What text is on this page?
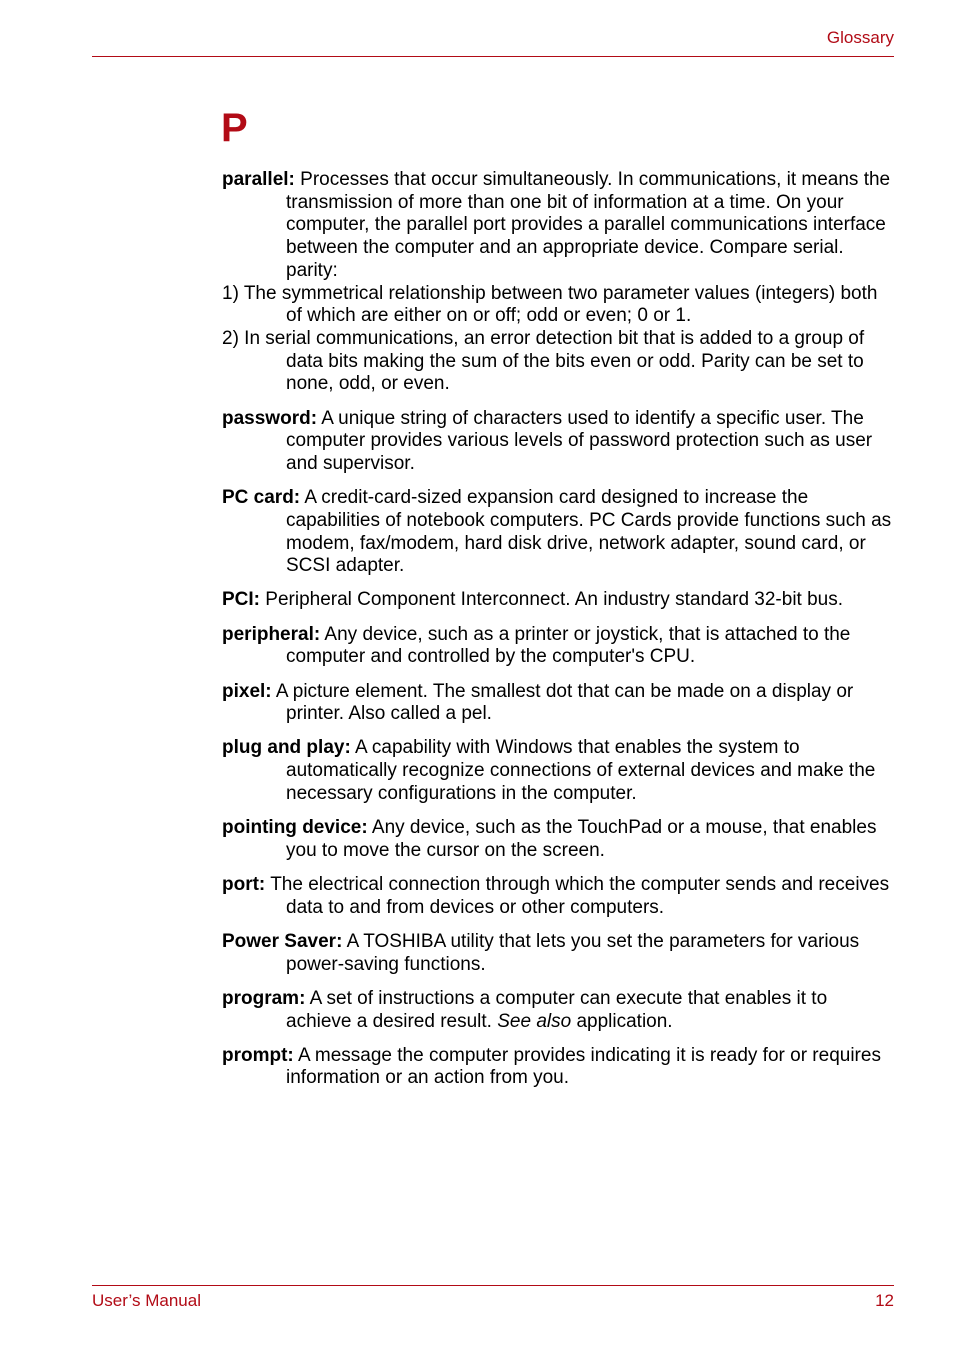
Glossary
P

parallel: Processes that occur simultaneously. In communications, it means the transmission of more than one bit of information at a time. On your computer, the parallel port provides a parallel communications interface between the computer and an appropriate device. Compare serial. parity:
1) The symmetrical relationship between two parameter values (integers) both of which are either on or off; odd or even; 0 or 1.
2) In serial communications, an error detection bit that is added to a group of data bits making the sum of the bits even or odd. Parity can be set to none, odd, or even.

password: A unique string of characters used to identify a specific user. The computer provides various levels of password protection such as user and supervisor.

PC card: A credit-card-sized expansion card designed to increase the capabilities of notebook computers. PC Cards provide functions such as modem, fax/modem, hard disk drive, network adapter, sound card, or SCSI adapter.

PCI: Peripheral Component Interconnect. An industry standard 32-bit bus.

peripheral: Any device, such as a printer or joystick, that is attached to the computer and controlled by the computer's CPU.

pixel: A picture element. The smallest dot that can be made on a display or printer. Also called a pel.

plug and play: A capability with Windows that enables the system to automatically recognize connections of external devices and make the necessary configurations in the computer.

pointing device: Any device, such as the TouchPad or a mouse, that enables you to move the cursor on the screen.

port: The electrical connection through which the computer sends and receives data to and from devices or other computers.

Power Saver: A TOSHIBA utility that lets you set the parameters for various power-saving functions.

program: A set of instructions a computer can execute that enables it to achieve a desired result. See also application.

prompt: A message the computer provides indicating it is ready for or requires information or an action from you.

User’s Manual	12
